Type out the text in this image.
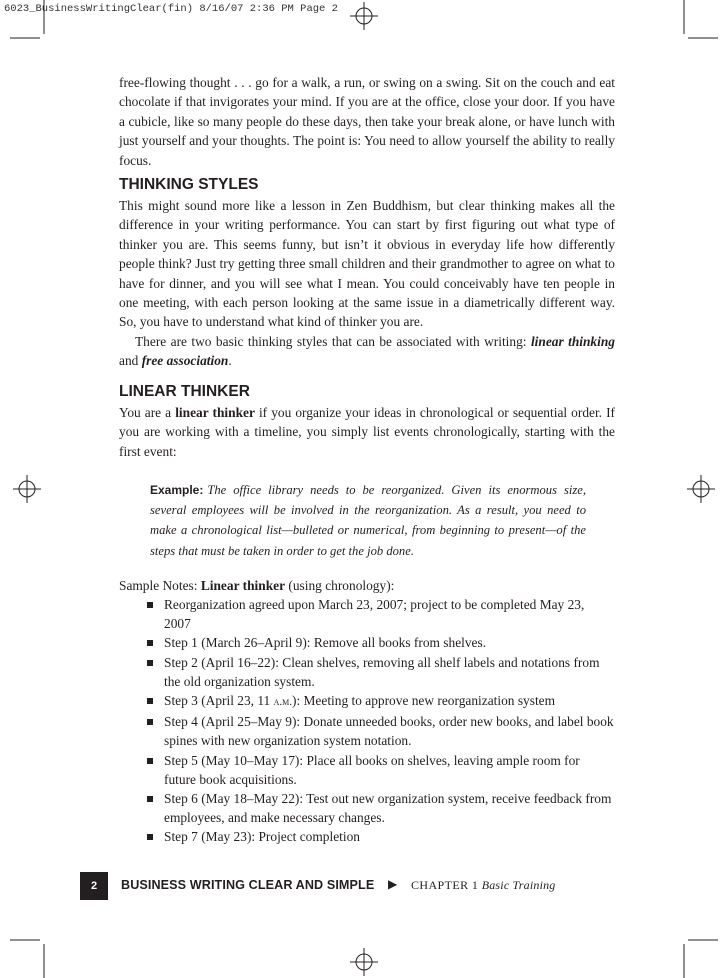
6023_BusinessWritingClear(fin) 8/16/07 2:36 PM Page 2

free-flowing thought . . . go for a walk, a run, or swing on a swing. Sit on the couch and eat chocolate if that invigorates your mind. If you are at the office, close your door. If you have a cubicle, like so many people do these days, then take your break alone, or have lunch with just yourself and your thoughts. The point is: You need to allow yourself the ability to really focus.

THINKING STYLES

This might sound more like a lesson in Zen Buddhism, but clear thinking makes all the difference in your writing performance. You can start by first figuring out what type of thinker you are. This seems funny, but isn’t it obvious in everyday life how differently people think? Just try getting three small children and their grandmother to agree on what to have for dinner, and you will see what I mean. You could conceivably have ten people in one meeting, with each person looking at the same issue in a diametrically different way. So, you have to understand what kind of thinker you are.

There are two basic thinking styles that can be associated with writing: linear thinking and free association.

LINEAR THINKER

You are a linear thinker if you organize your ideas in chronological or sequential order. If you are working with a timeline, you simply list events chronologically, starting with the first event:

Example: The office library needs to be reorganized. Given its enormous size, several employees will be involved in the reorganization. As a result, you need to make a chronological list—bulleted or numerical, from beginning to present—of the steps that must be taken in order to get the job done.
Sample Notes: Linear thinker (using chronology):
Reorganization agreed upon March 23, 2007; project to be completed May 23, 2007
Step 1 (March 26–April 9): Remove all books from shelves.
Step 2 (April 16–22): Clean shelves, removing all shelf labels and notations from the old organization system.
Step 3 (April 23, 11 a.m.): Meeting to approve new reorganization system
Step 4 (April 25–May 9): Donate unneeded books, order new books, and label book spines with new organization system notation.
Step 5 (May 10–May 17): Place all books on shelves, leaving ample room for future book acquisitions.
Step 6 (May 18–May 22): Test out new organization system, receive feedback from employees, and make necessary changes.
Step 7 (May 23): Project completion
2	BUSINESS WRITING CLEAR AND SIMPLE ▶ CHAPTER 1 Basic Training
